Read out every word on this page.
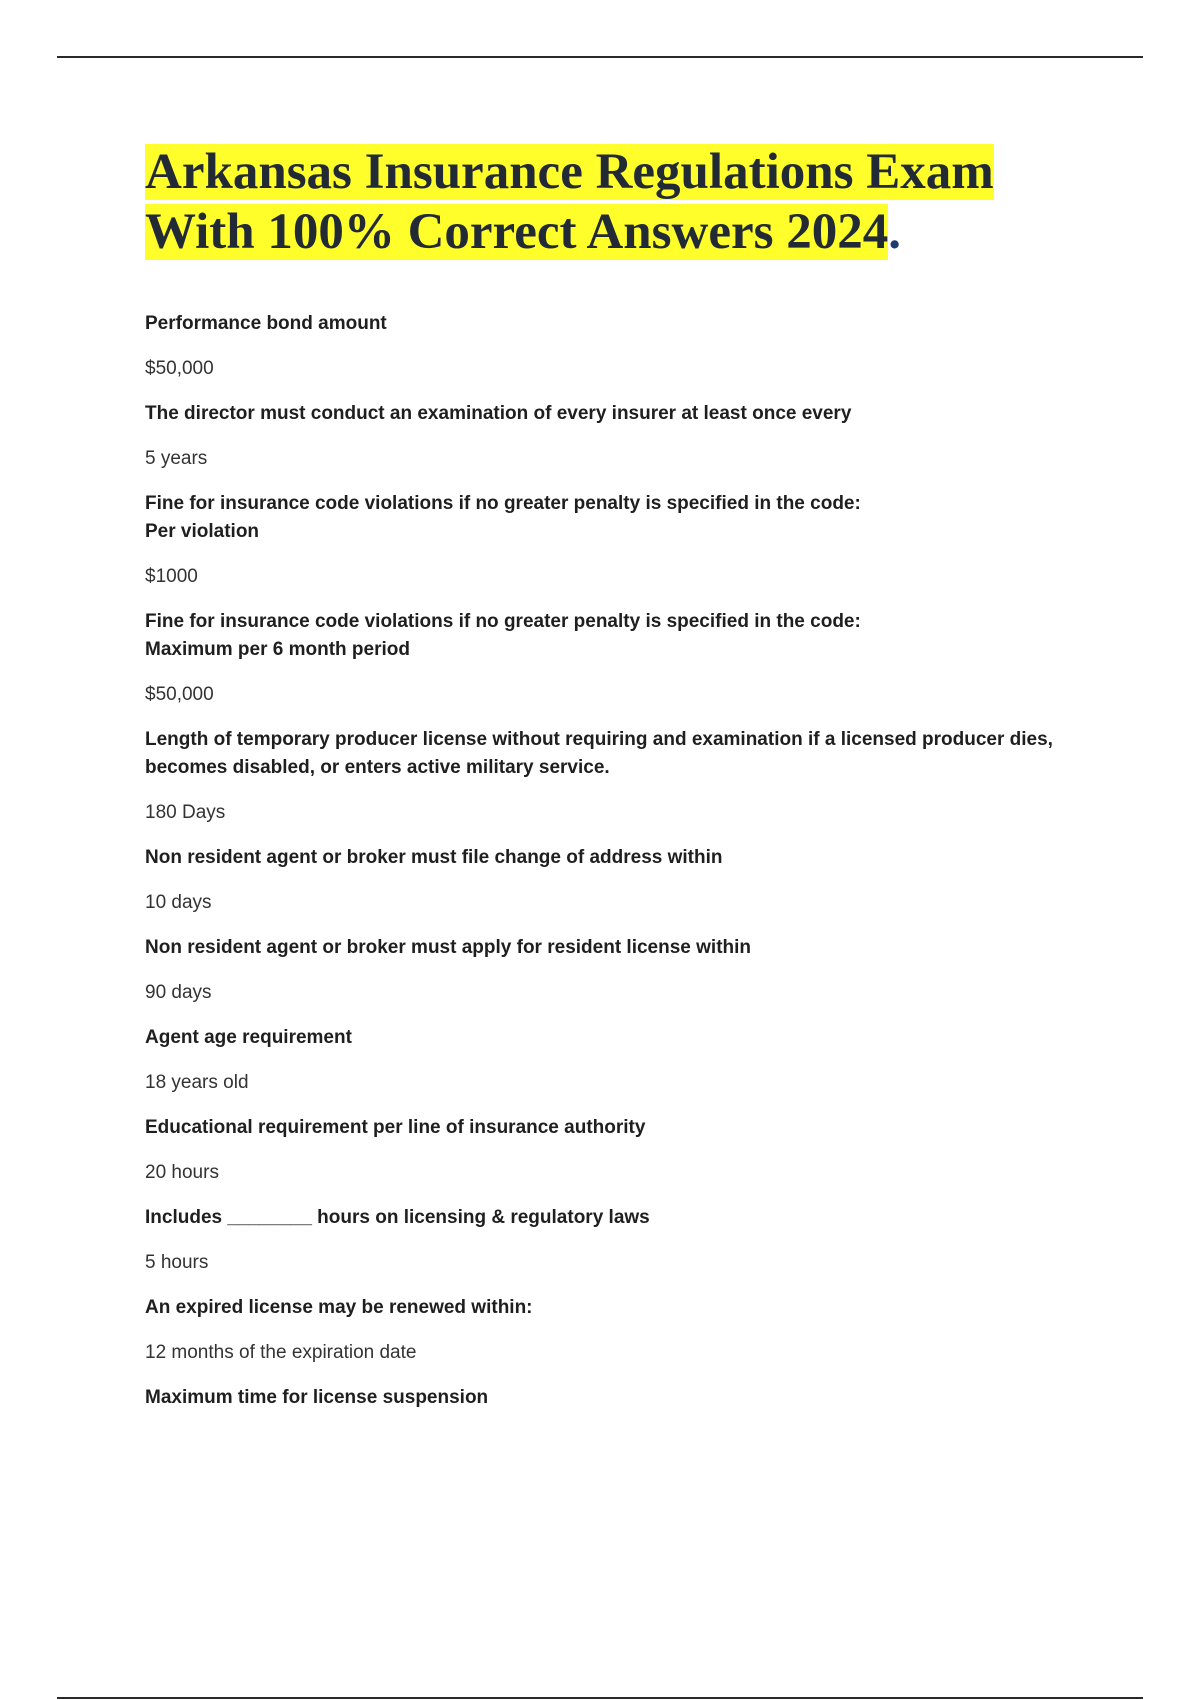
Arkansas Insurance Regulations Exam With 100% Correct Answers 2024.

Performance bond amount

$50,000

The director must conduct an examination of every insurer at least once every

5 years

Fine for insurance code violations if no greater penalty is specified in the code:
Per violation

$1000

Fine for insurance code violations if no greater penalty is specified in the code:
Maximum per 6 month period

$50,000

Length of temporary producer license without requiring and examination if a licensed producer dies, becomes disabled, or enters active military service.

180 Days

Non resident agent or broker must file change of address within

10 days

Non resident agent or broker must apply for resident license within

90 days

Agent age requirement

18 years old

Educational requirement per line of insurance authority

20 hours

Includes ________ hours on licensing & regulatory laws

5 hours

An expired license may be renewed within:

12 months of the expiration date

Maximum time for license suspension
